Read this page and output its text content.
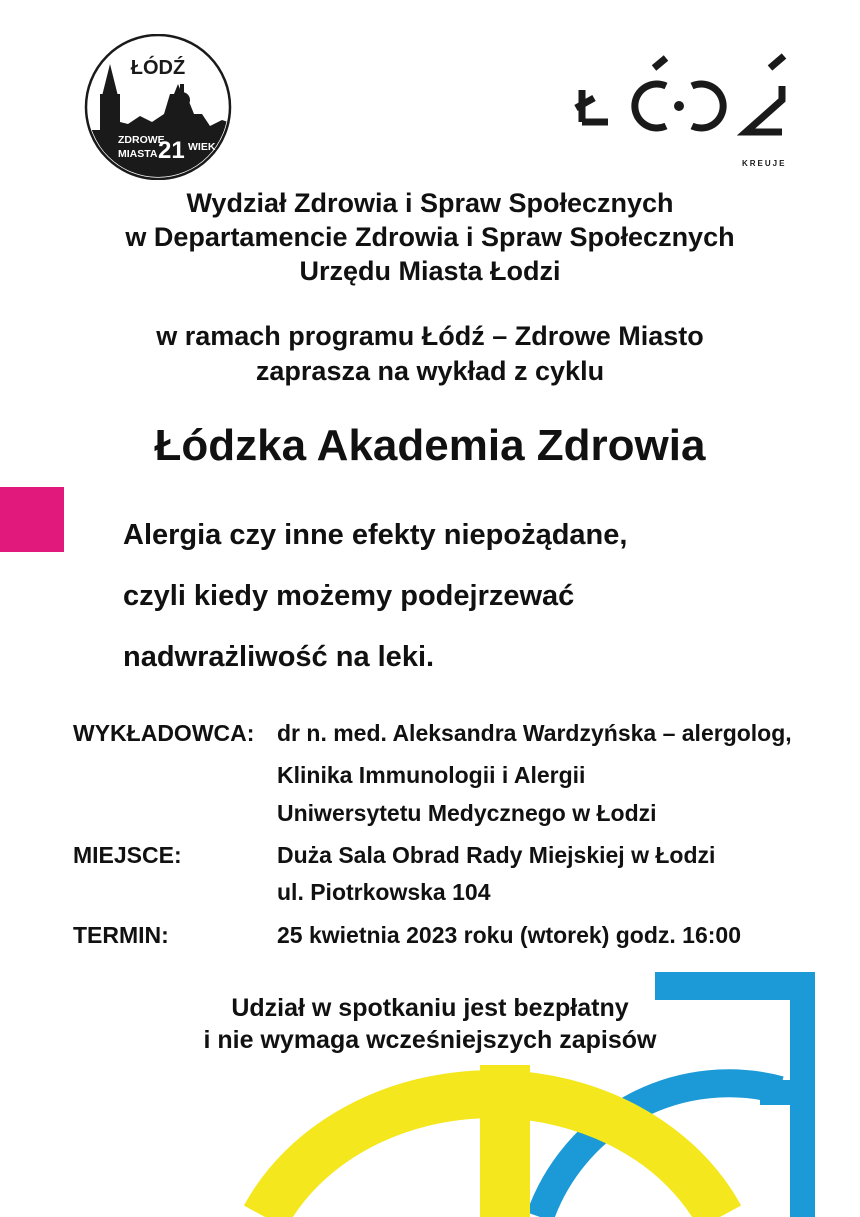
ŁÓDŹ
ZDROWE
MIASTA 21 WIEK
KREUJE
Wydział Zdrowia i Spraw Społecznych
w Departamencie Zdrowia i Spraw Społecznych
Urzędu Miasta Łodzi
w ramach programu Łódź – Zdrowe Miasto
zaprasza na wykład z cyklu
Łódzka Akademia Zdrowia
Alergia czy inne efekty niepożądane,
czyli kiedy możemy podejrzewać
nadwrażliwość na leki.
WYKŁADOWCA: dr n. med. Aleksandra Wardzyńska – alergolog,
Klinika Immunologii i Alergii
Uniwersytetu Medycznego w Łodzi
MIEJSCE:	Duża Sala Obrad Rady Miejskiej w Łodzi
ul. Piotrkowska 104
TERMIN:	25 kwietnia 2023 roku (wtorek) godz. 16:00
Udział w spotkaniu jest bezpłatny
i nie wymaga wcześniejszych zapisów
